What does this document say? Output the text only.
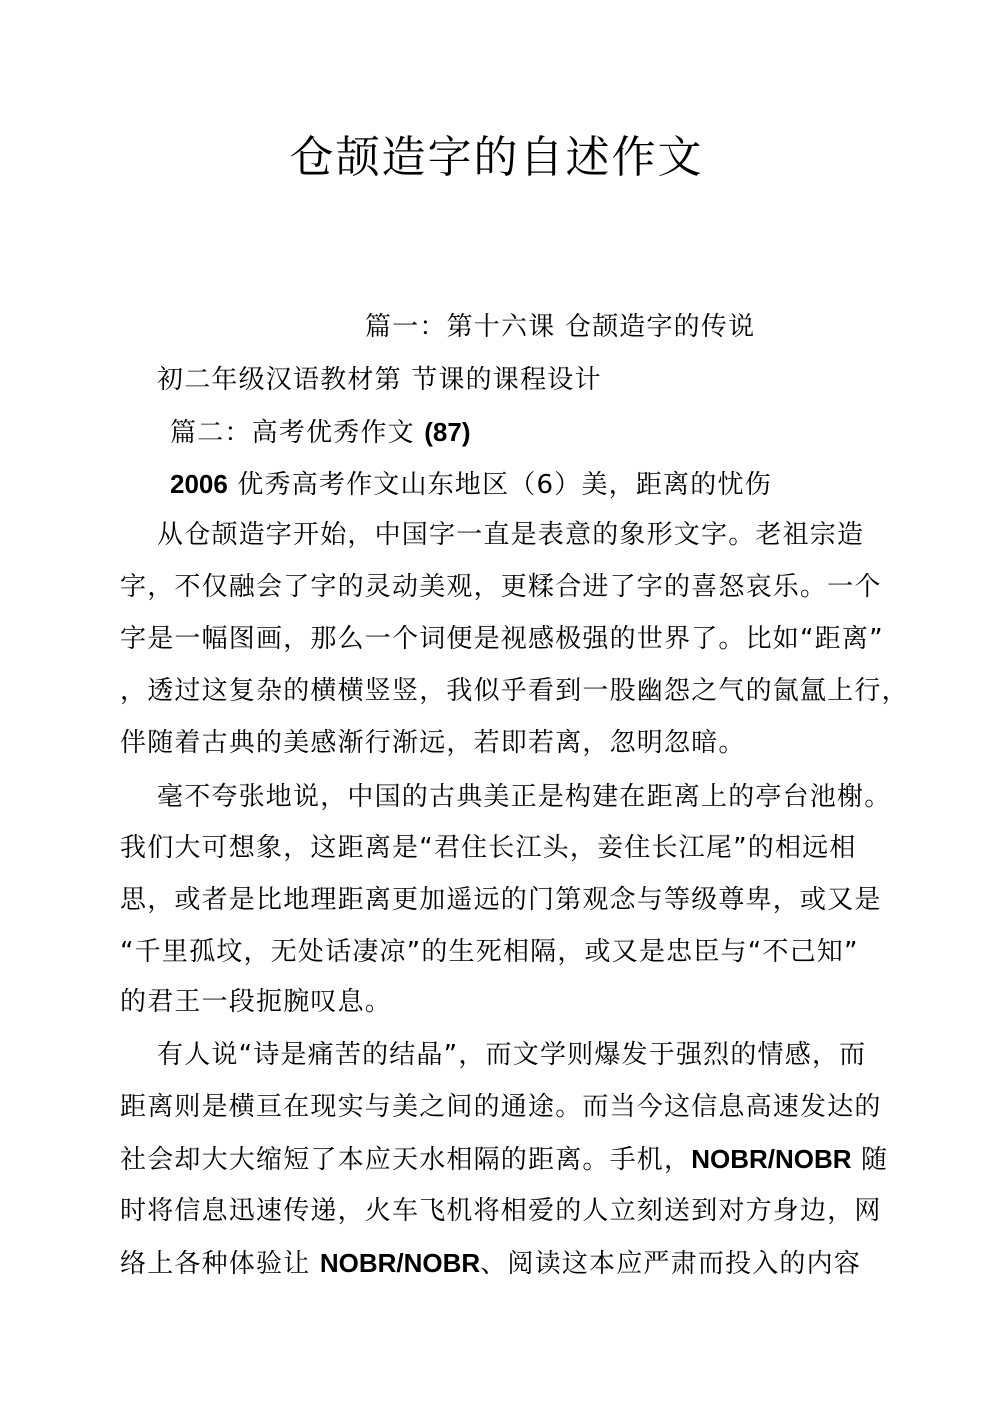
仓颉造字的自述作文
篇一：第十六课 仓颉造字的传说
初二年级汉语教材第 节课的课程设计
篇二：高考优秀作文 (87)
2006 优秀高考作文山东地区（6）美，距离的忧伤
从仓颉造字开始，中国字一直是表意的象形文字。老祖宗造
字，不仅融会了字的灵动美观，更糅合进了字的喜怒哀乐。一个
字是一幅图画，那么一个词便是视感极强的世界了。比如“距离”
，透过这复杂的横横竖竖，我似乎看到一股幽怨之气的氤氲上行，
伴随着古典的美感渐行渐远，若即若离，忽明忽暗。
毫不夸张地说，中国的古典美正是构建在距离上的亭台池榭。
我们大可想象，这距离是“君住长江头，妾住长江尾”的相远相
思，或者是比地理距离更加遥远的门第观念与等级尊卑，或又是
“千里孤坟，无处话凄凉”的生死相隔，或又是忠臣与“不己知”
的君王一段扼腕叹息。
有人说“诗是痛苦的结晶”，而文学则爆发于强烈的情感，而
距离则是横亘在现实与美之间的通途。而当今这信息高速发达的
社会却大大缩短了本应天水相隔的距离。手机，NOBR/NOBR 随
时将信息迅速传递，火车飞机将相爱的人立刻送到对方身边，网
络上各种体验让 NOBR/NOBR、阅读这本应严肃而投入的内容
